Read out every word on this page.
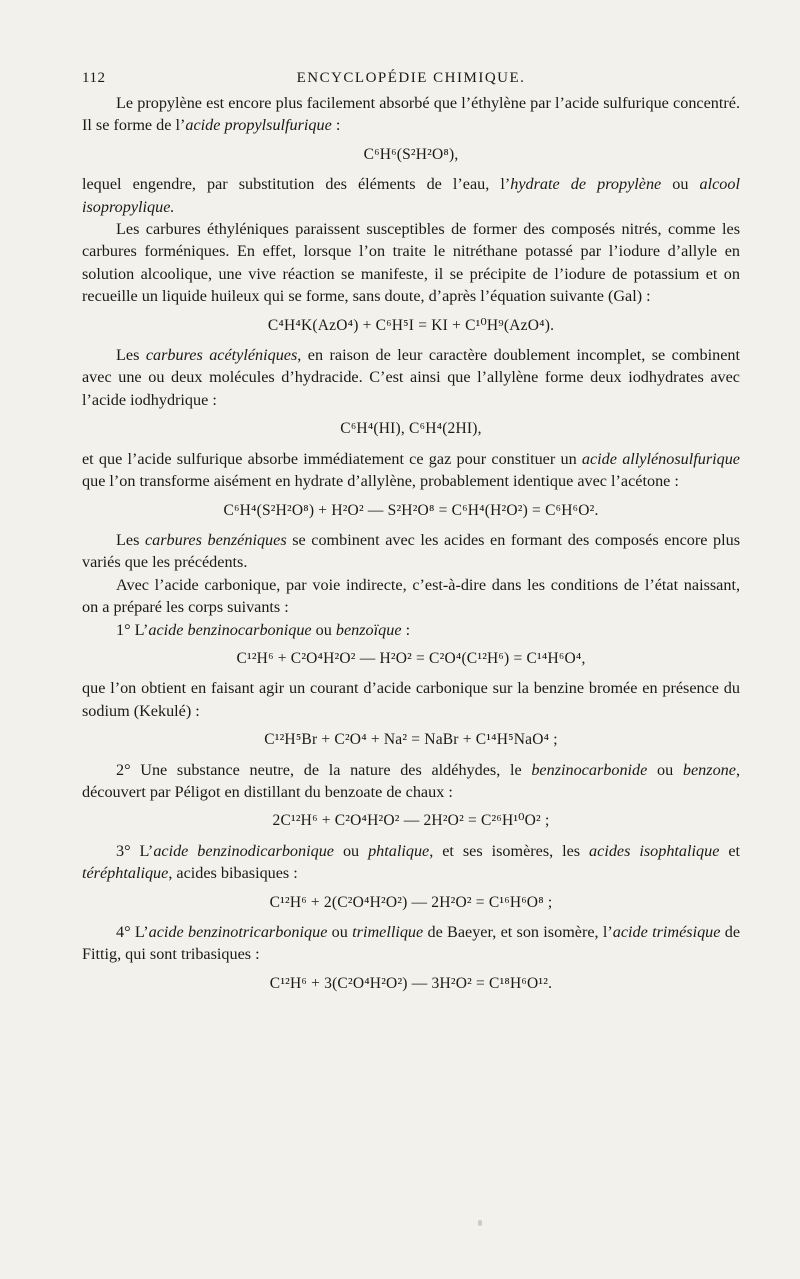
112	ENCYCLOPÉDIE CHIMIQUE.

Le propylène est encore plus facilement absorbé que l’éthylène par l’acide sulfurique concentré. Il se forme de l’acide propylsulfurique :

C⁶H⁶(S²H²O⁸),

lequel engendre, par substitution des éléments de l’eau, l’hydrate de propylène ou alcool isopropylique.

Les carbures éthyléniques paraissent susceptibles de former des composés nitrés, comme les carbures forméniques. En effet, lorsque l’on traite le nitréthane potassé par l’iodure d’allyle en solution alcoolique, une vive réaction se manifeste, il se précipite de l’iodure de potassium et on recueille un liquide huileux qui se forme, sans doute, d’après l’équation suivante (Gal) :

C⁴H⁴K(AzO⁴) + C⁶H⁵I = KI + C¹⁰H⁹(AzO⁴).

Les carbures acétyléniques, en raison de leur caractère doublement incomplet, se combinent avec une ou deux molécules d’hydracide. C’est ainsi que l’allylène forme deux iodhydrates avec l’acide iodhydrique :

C⁶H⁴(HI), C⁶H⁴(2HI),

et que l’acide sulfurique absorbe immédiatement ce gaz pour constituer un acide allylénosulfurique que l’on transforme aisément en hydrate d’allylène, probablement identique avec l’acétone :

C⁶H⁴(S²H²O⁸) + H²O² — S²H²O⁸ = C⁶H⁴(H²O²) = C⁶H⁶O².

Les carbures benzéniques se combinent avec les acides en formant des composés encore plus variés que les précédents.

Avec l’acide carbonique, par voie indirecte, c’est-à-dire dans les conditions de l’état naissant, on a préparé les corps suivants :

1° L’acide benzinocarbonique ou benzoïque :

C¹²H⁶ + C²O⁴H²O² — H²O² = C²O⁴(C¹²H⁶) = C¹⁴H⁶O⁴,

que l’on obtient en faisant agir un courant d’acide carbonique sur la benzine bromée en présence du sodium (Kekulé) :

C¹²H⁵Br + C²O⁴ + Na² = NaBr + C¹⁴H⁵NaO⁴ ;

2° Une substance neutre, de la nature des aldéhydes, le benzinocarbonide ou benzone, découvert par Péligot en distillant du benzoate de chaux :

2C¹²H⁶ + C²O⁴H²O² — 2H²O² = C²⁶H¹⁰O² ;

3° L’acide benzinodicarbonique ou phtalique, et ses isomères, les acides isophtalique et téréphtalique, acides bibasiques :

C¹²H⁶ + 2(C²O⁴H²O²) — 2H²O² = C¹⁶H⁶O⁸ ;

4° L’acide benzinotricarbonique ou trimellique de Baeyer, et son isomère, l’acide trimésique de Fittig, qui sont tribasiques :

C¹²H⁶ + 3(C²O⁴H²O²) — 3H²O² = C¹⁸H⁶O¹².
